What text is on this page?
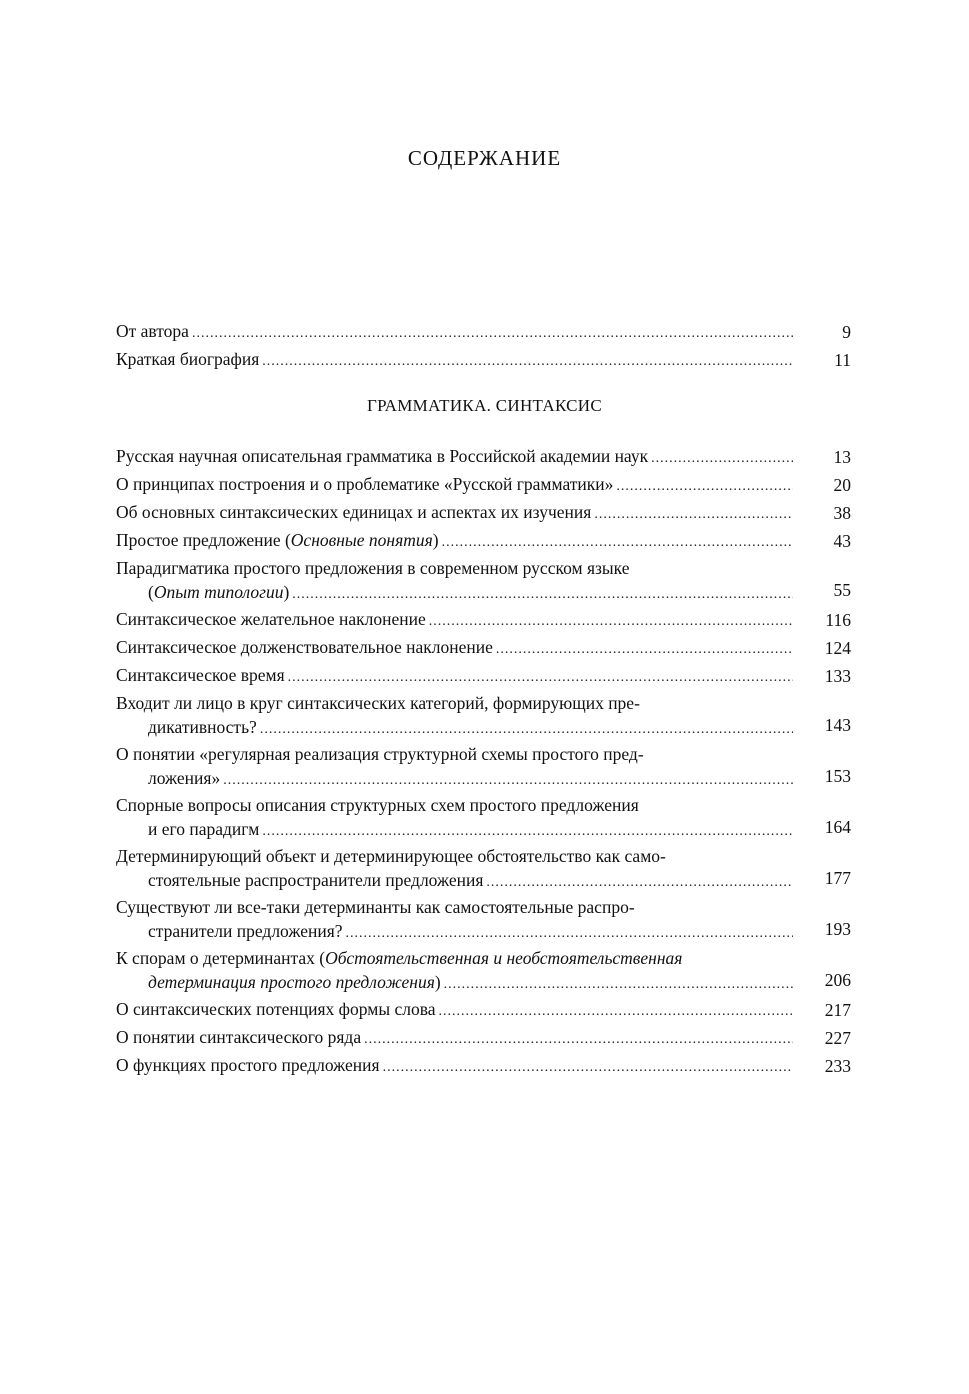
СОДЕРЖАНИЕ
От автора .....	9
Краткая биография .....	11
ГРАММАТИКА. СИНТАКСИС
Русская научная описательная грамматика в Российской академии наук .....	13
О принципах построения и о проблематике «Русской грамматики» .....	20
Об основных синтаксических единицах и аспектах их изучения .....	38
Простое предложение (Основные понятия) .....	43
Парадигматика простого предложения в современном русском языке
(Опыт типологии) .....	55
Синтаксическое желательное наклонение .....	116
Синтаксическое долженствовательное наклонение .....	124
Синтаксическое время .....	133
Входит ли лицо в круг синтаксических категорий, формирующих пре-
дикативность? .....	143
О понятии «регулярная реализация структурной схемы простого пред-
ложения» .....	153
Спорные вопросы описания структурных схем простого предложения
и его парадигм .....	164
Детерминирующий объект и детерминирующее обстоятельство как само-
стоятельные распространители предложения .....	177
Существуют ли все-таки детерминанты как самостоятельные распро-
странители предложения? .....	193
К спорам о детерминантах (Обстоятельственная и необстоятельственная
детерминация простого предложения) .....	206
О синтаксических потенциях формы слова .....	217
О понятии синтаксического ряда .....	227
О функциях простого предложения .....	233
